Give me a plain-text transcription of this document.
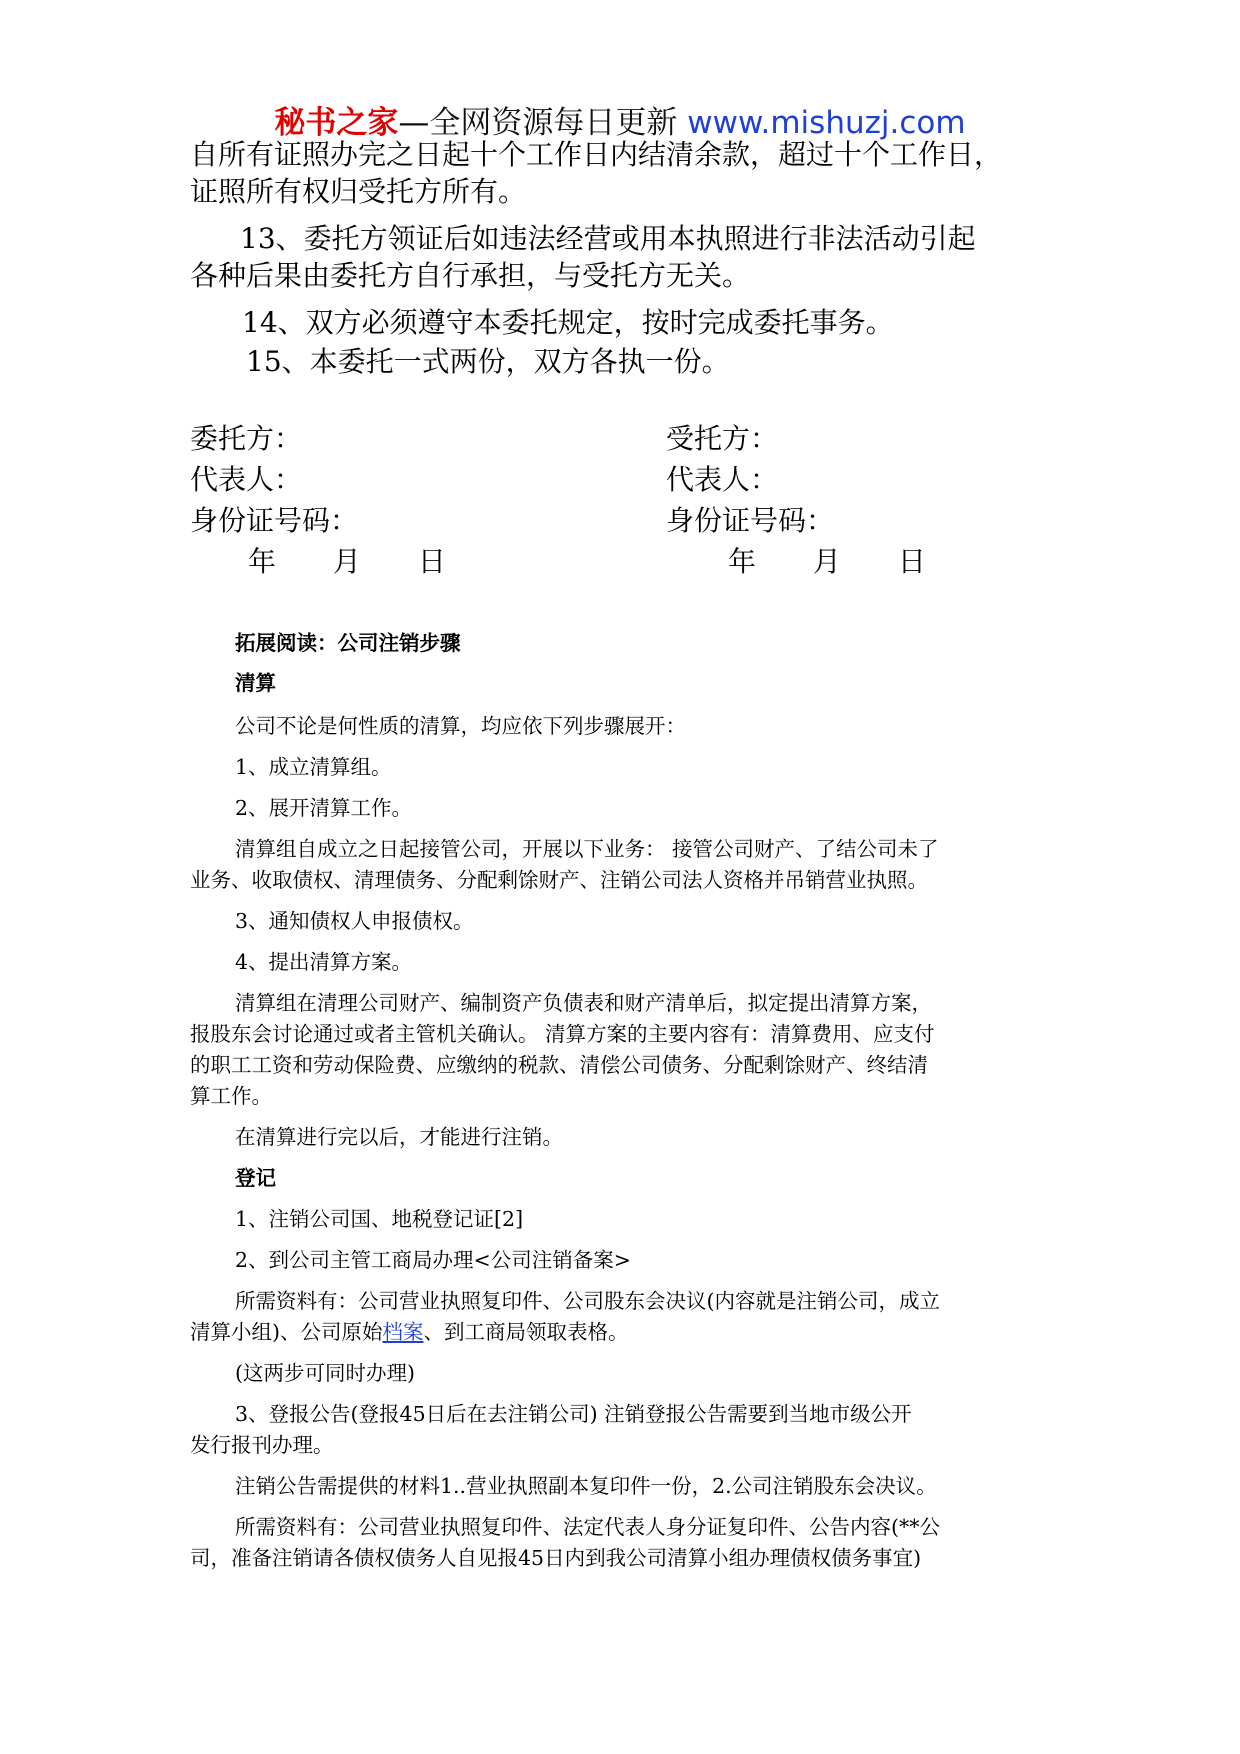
秘书之家—全网资源每日更新 www.mishuzj.com

自所有证照办完之日起十个工作日内结清余款，超过十个工作日，

证照所有权归受托方所有。

13、委托方领证后如违法经营或用本执照进行非法活动引起

各种后果由委托方自行承担，与受托方无关。

14、双方必须遵守本委托规定，按时完成委托事务。

15、本委托一式两份，双方各执一份。

委托方：
代表人：
身份证号码：
年 月 日
受托方：
代表人：
身份证号码：
年 月 日

拓展阅读：公司注销步骤

清算

公司不论是何性质的清算，均应依下列步骤展开：

1、成立清算组。

2、展开清算工作。

清算组自成立之日起接管公司，开展以下业务： 接管公司财产、了结公司未了

业务、收取债权、清理债务、分配剩馀财产、注销公司法人资格并吊销营业执照。

3、通知债权人申报债权。

4、提出清算方案。

清算组在清理公司财产、编制资产负债表和财产清单后，拟定提出清算方案，

报股东会讨论通过或者主管机关确认。 清算方案的主要内容有：清算费用、应支付

的职工工资和劳动保险费、应缴纳的税款、清偿公司债务、分配剩馀财产、终结清

算工作。

在清算进行完以后，才能进行注销。

登记

1、注销公司国、地税登记证[2]

2、到公司主管工商局办理<公司注销备案>

所需资料有：公司营业执照复印件、公司股东会决议(内容就是注销公司，成立

清算小组)、公司原始档案、到工商局领取表格。

(这两步可同时办理)

3、登报公告(登报45日后在去注销公司) 注销登报公告需要到当地市级公开

发行报刊办理。

注销公告需提供的材料1..营业执照副本复印件一份，2.公司注销股东会决议。

所需资料有：公司营业执照复印件、法定代表人身分证复印件、公告内容(**公

司，准备注销请各债权债务人自见报45日内到我公司清算小组办理债权债务事宜)
